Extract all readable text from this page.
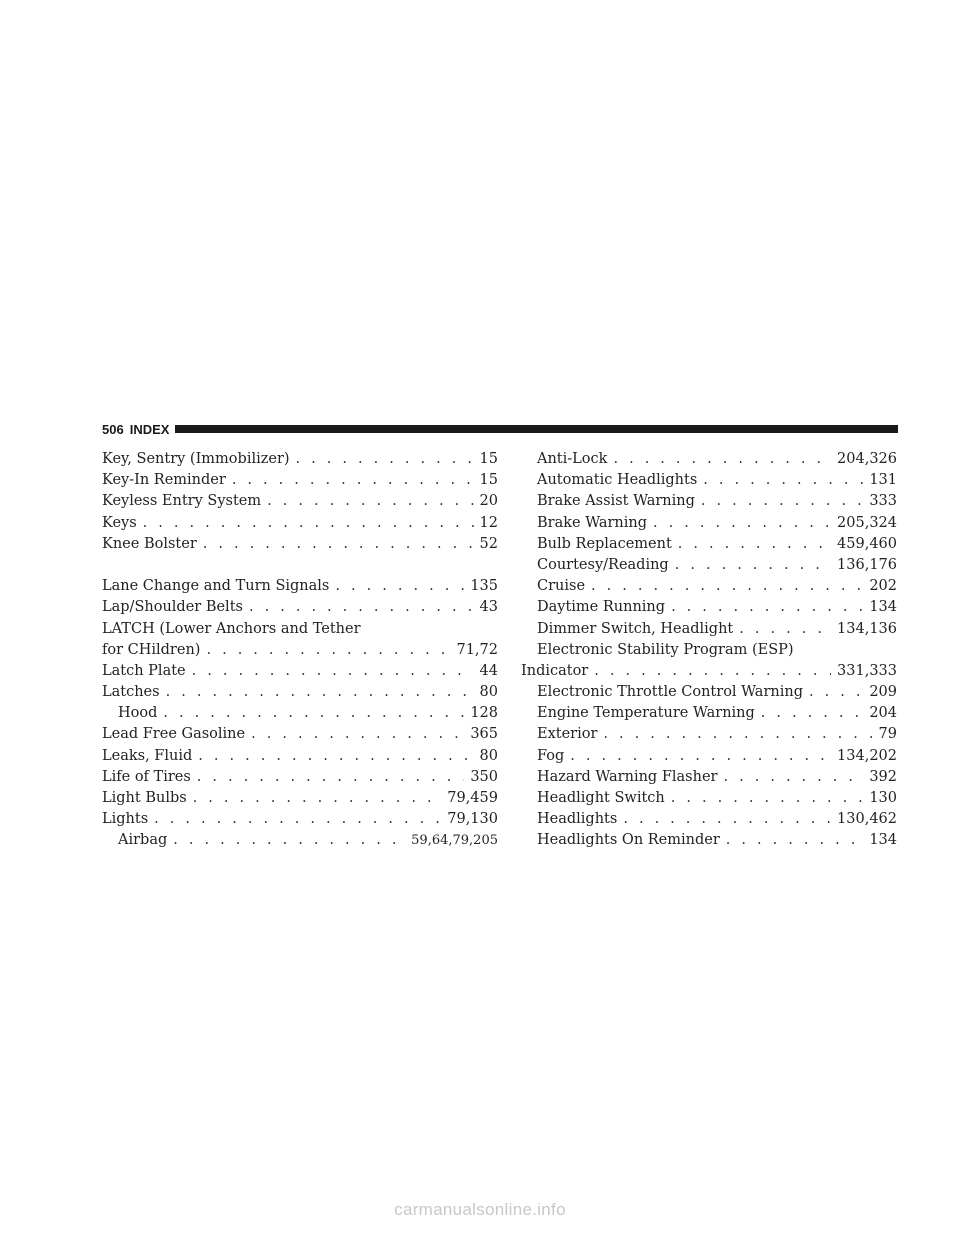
506 INDEX
Key, Sentry (Immobilizer) . . .	15
Key-In Reminder . . .	15
Keyless Entry System . . .	20
Keys . . .	12
Knee Bolster . . .	52
Lane Change and Turn Signals . . .	135
Lap/Shoulder Belts . . .	43
LATCH (Lower Anchors and Tether
for CHildren) . . .	71,72
Latch Plate . . .	44
Latches . . .	80
Hood . . .	128
Lead Free Gasoline . . .	365
Leaks, Fluid . . .	80
Life of Tires . . .	350
Light Bulbs . . .	79,459
Lights . . .	79,130
Airbag . . .	59,64,79,205
Anti-Lock . . .	204,326
Automatic Headlights . . .	131
Brake Assist Warning . . .	333
Brake Warning . . .	205,324
Bulb Replacement . . .	459,460
Courtesy/Reading . . .	136,176
Cruise . . .	202
Daytime Running . . .	134
Dimmer Switch, Headlight . . .	134,136
Electronic Stability Program (ESP)
Indicator . . .	331,333
Electronic Throttle Control Warning . . .	209
Engine Temperature Warning . . .	204
Exterior . . .	79
Fog . . .	134,202
Hazard Warning Flasher . . .	392
Headlight Switch . . .	130
Headlights . . .	130,462
Headlights On Reminder . . .	134
carmanualsonline.info
